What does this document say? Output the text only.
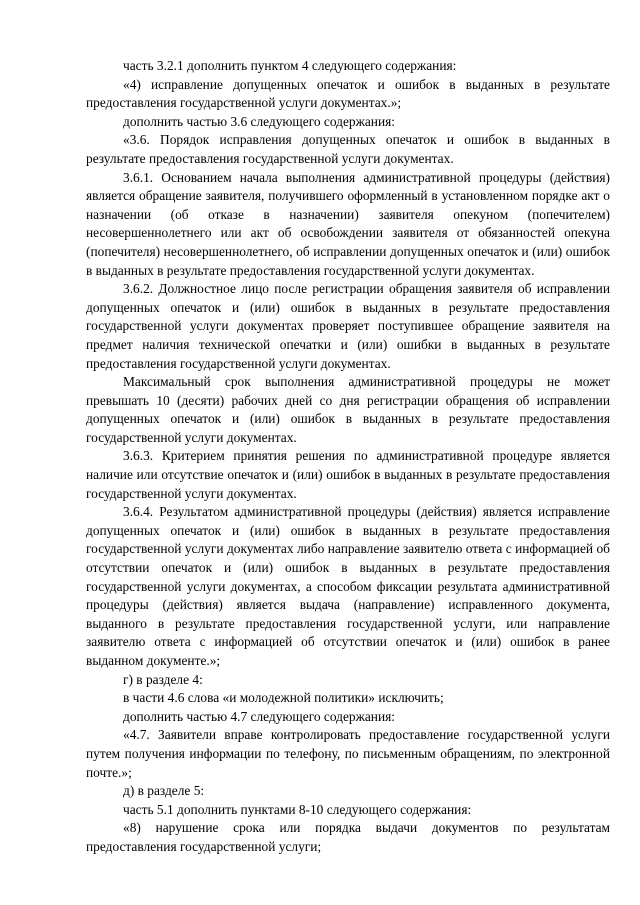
часть 3.2.1 дополнить пунктом 4 следующего содержания:

«4) исправление допущенных опечаток и ошибок в выданных в результате предоставления государственной услуги документах.»;

дополнить частью 3.6 следующего содержания:

«3.6. Порядок исправления допущенных опечаток и ошибок в выданных в результате предоставления государственной услуги документах.

3.6.1. Основанием начала выполнения административной процедуры (действия) является обращение заявителя, получившего оформленный в установленном порядке акт о назначении (об отказе в назначении) заявителя опекуном (попечителем) несовершеннолетнего или акт об освобождении заявителя от обязанностей опекуна (попечителя) несовершеннолетнего, об исправлении допущенных опечаток и (или) ошибок в выданных в результате предоставления государственной услуги документах.

3.6.2. Должностное лицо после регистрации обращения заявителя об исправлении допущенных опечаток и (или) ошибок в выданных в результате предоставления государственной услуги документах проверяет поступившее обращение заявителя на предмет наличия технической опечатки и (или) ошибки в выданных в результате предоставления государственной услуги документах.

Максимальный срок выполнения административной процедуры не может превышать 10 (десяти) рабочих дней со дня регистрации обращения об исправлении допущенных опечаток и (или) ошибок в выданных в результате предоставления государственной услуги документах.

3.6.3. Критерием принятия решения по административной процедуре является наличие или отсутствие опечаток и (или) ошибок в выданных в результате предоставления государственной услуги документах.

3.6.4. Результатом административной процедуры (действия) является исправление допущенных опечаток и (или) ошибок в выданных в результате предоставления государственной услуги документах либо направление заявителю ответа с информацией об отсутствии опечаток и (или) ошибок в выданных в результате предоставления государственной услуги документах, а способом фиксации результата административной процедуры (действия) является выдача (направление) исправленного документа, выданного в результате предоставления государственной услуги, или направление заявителю ответа с информацией об отсутствии опечаток и (или) ошибок в ранее выданном документе.»;

г) в разделе 4:

в части 4.6 слова «и молодежной политики» исключить;

дополнить частью 4.7 следующего содержания:

«4.7. Заявители вправе контролировать предоставление государственной услуги путем получения информации по телефону, по письменным обращениям, по электронной почте.»;

д) в разделе 5:

часть 5.1 дополнить пунктами 8-10 следующего содержания:

«8) нарушение срока или порядка выдачи документов по результатам предоставления государственной услуги;
